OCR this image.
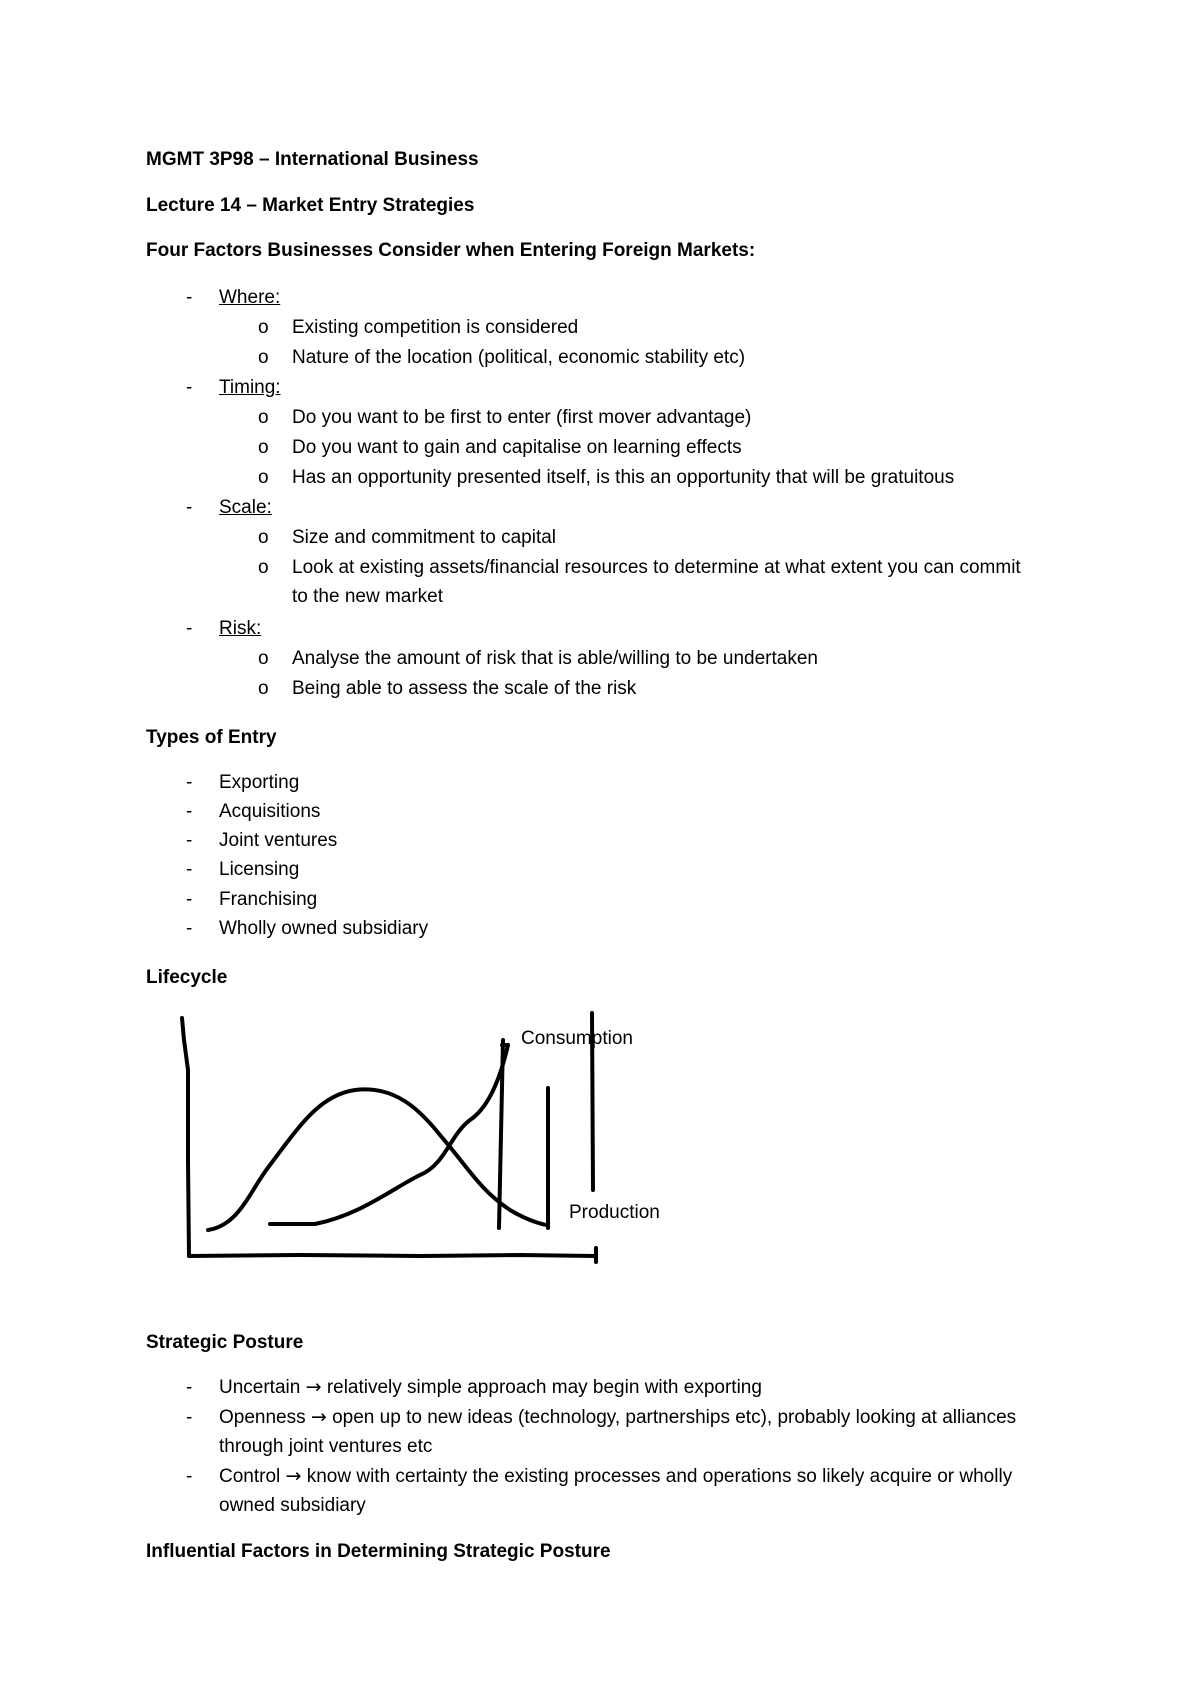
MGMT 3P98 – International Business
Lecture 14 – Market Entry Strategies
Four Factors Businesses Consider when Entering Foreign Markets:
- Where:
o Existing competition is considered
o Nature of the location (political, economic stability etc)
- Timing:
o Do you want to be first to enter (first mover advantage)
o Do you want to gain and capitalise on learning effects
o Has an opportunity presented itself, is this an opportunity that will be gratuitous
- Scale:
o Size and commitment to capital
o Look at existing assets/financial resources to determine at what extent you can commit to the new market
- Risk:
o Analyse the amount of risk that is able/willing to be undertaken
o Being able to assess the scale of the risk
Types of Entry
- Exporting
- Acquisitions
- Joint ventures
- Licensing
- Franchising
- Wholly owned subsidiary
Lifecycle
Consumption
Production
Strategic Posture
- Uncertain → relatively simple approach may begin with exporting
- Openness → open up to new ideas (technology, partnerships etc), probably looking at alliances through joint ventures etc
- Control → know with certainty the existing processes and operations so likely acquire or wholly owned subsidiary
Influential Factors in Determining Strategic Posture
